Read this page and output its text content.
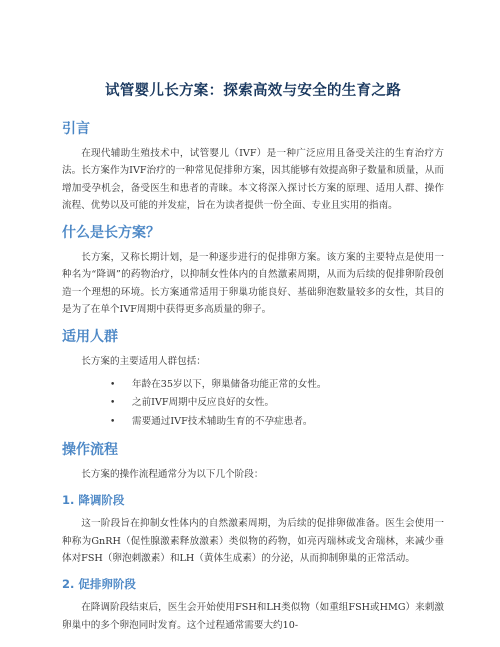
试管婴儿长方案：探索高效与安全的生育之路
引言

在现代辅助生殖技术中，试管婴儿（IVF）是一种广泛应用且备受关注的生育治疗方法。长方案作为IVF治疗的一种常见促排卵方案，因其能够有效提高卵子数量和质量，从而增加受孕机会，备受医生和患者的青睐。本文将深入探讨长方案的原理、适用人群、操作流程、优势以及可能的并发症，旨在为读者提供一份全面、专业且实用的指南。

什么是长方案？

长方案，又称长期计划，是一种逐步进行的促排卵方案。该方案的主要特点是使用一种名为“降调”的药物治疗，以抑制女性体内的自然激素周期，从而为后续的促排卵阶段创造一个理想的环境。长方案通常适用于卵巢功能良好、基础卵泡数量较多的女性，其目的是为了在单个IVF周期中获得更多高质量的卵子。

适用人群

长方案的主要适用人群包括：

• 年龄在35岁以下，卵巢储备功能正常的女性。
• 之前IVF周期中反应良好的女性。
• 需要通过IVF技术辅助生育的不孕症患者。
操作流程

长方案的操作流程通常分为以下几个阶段：

1. 降调阶段

这一阶段旨在抑制女性体内的自然激素周期，为后续的促排卵做准备。医生会使用一种称为GnRH（促性腺激素释放激素）类似物的药物，如亮丙瑞林或戈舍瑞林，来减少垂体对FSH（卵泡刺激素）和LH（黄体生成素）的分泌，从而抑制卵巢的正常活动。

2. 促排卵阶段

在降调阶段结束后，医生会开始使用FSH和LH类似物（如重组FSH或HMG）来刺激卵巢中的多个卵泡同时发育。这个过程通常需要大约10-
